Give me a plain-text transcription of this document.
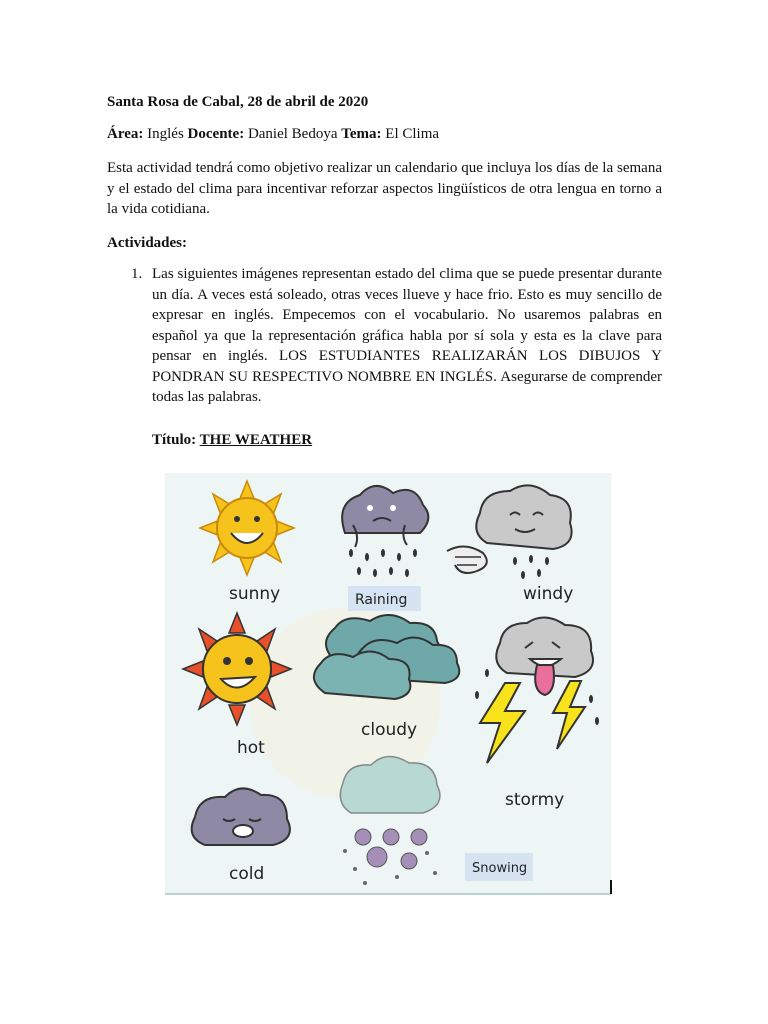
Santa Rosa de Cabal, 28 de abril de 2020

Área: Inglés Docente: Daniel Bedoya Tema: El Clima

Esta actividad tendrá como objetivo realizar un calendario que incluya los días de la semana y el estado del clima para incentivar reforzar aspectos lingüísticos de otra lengua en torno a la vida cotidiana.

Actividades:

1. Las siguientes imágenes representan estado del clima que se puede presentar durante un día. A veces está soleado, otras veces llueve y hace frio. Esto es muy sencillo de expresar en inglés. Empecemos con el vocabulario. No usaremos palabras en español ya que la representación gráfica habla por sí sola y esta es la clave para pensar en inglés. LOS ESTUDIANTES REALIZARÁN LOS DIBUJOS Y PONDRAN SU RESPECTIVO NOMBRE EN INGLÉS. Asegurarse de comprender todas las palabras.

Título: THE WEATHER

sunny	Raining	windy
hot
cloudy
stormy
cold	Snowing
